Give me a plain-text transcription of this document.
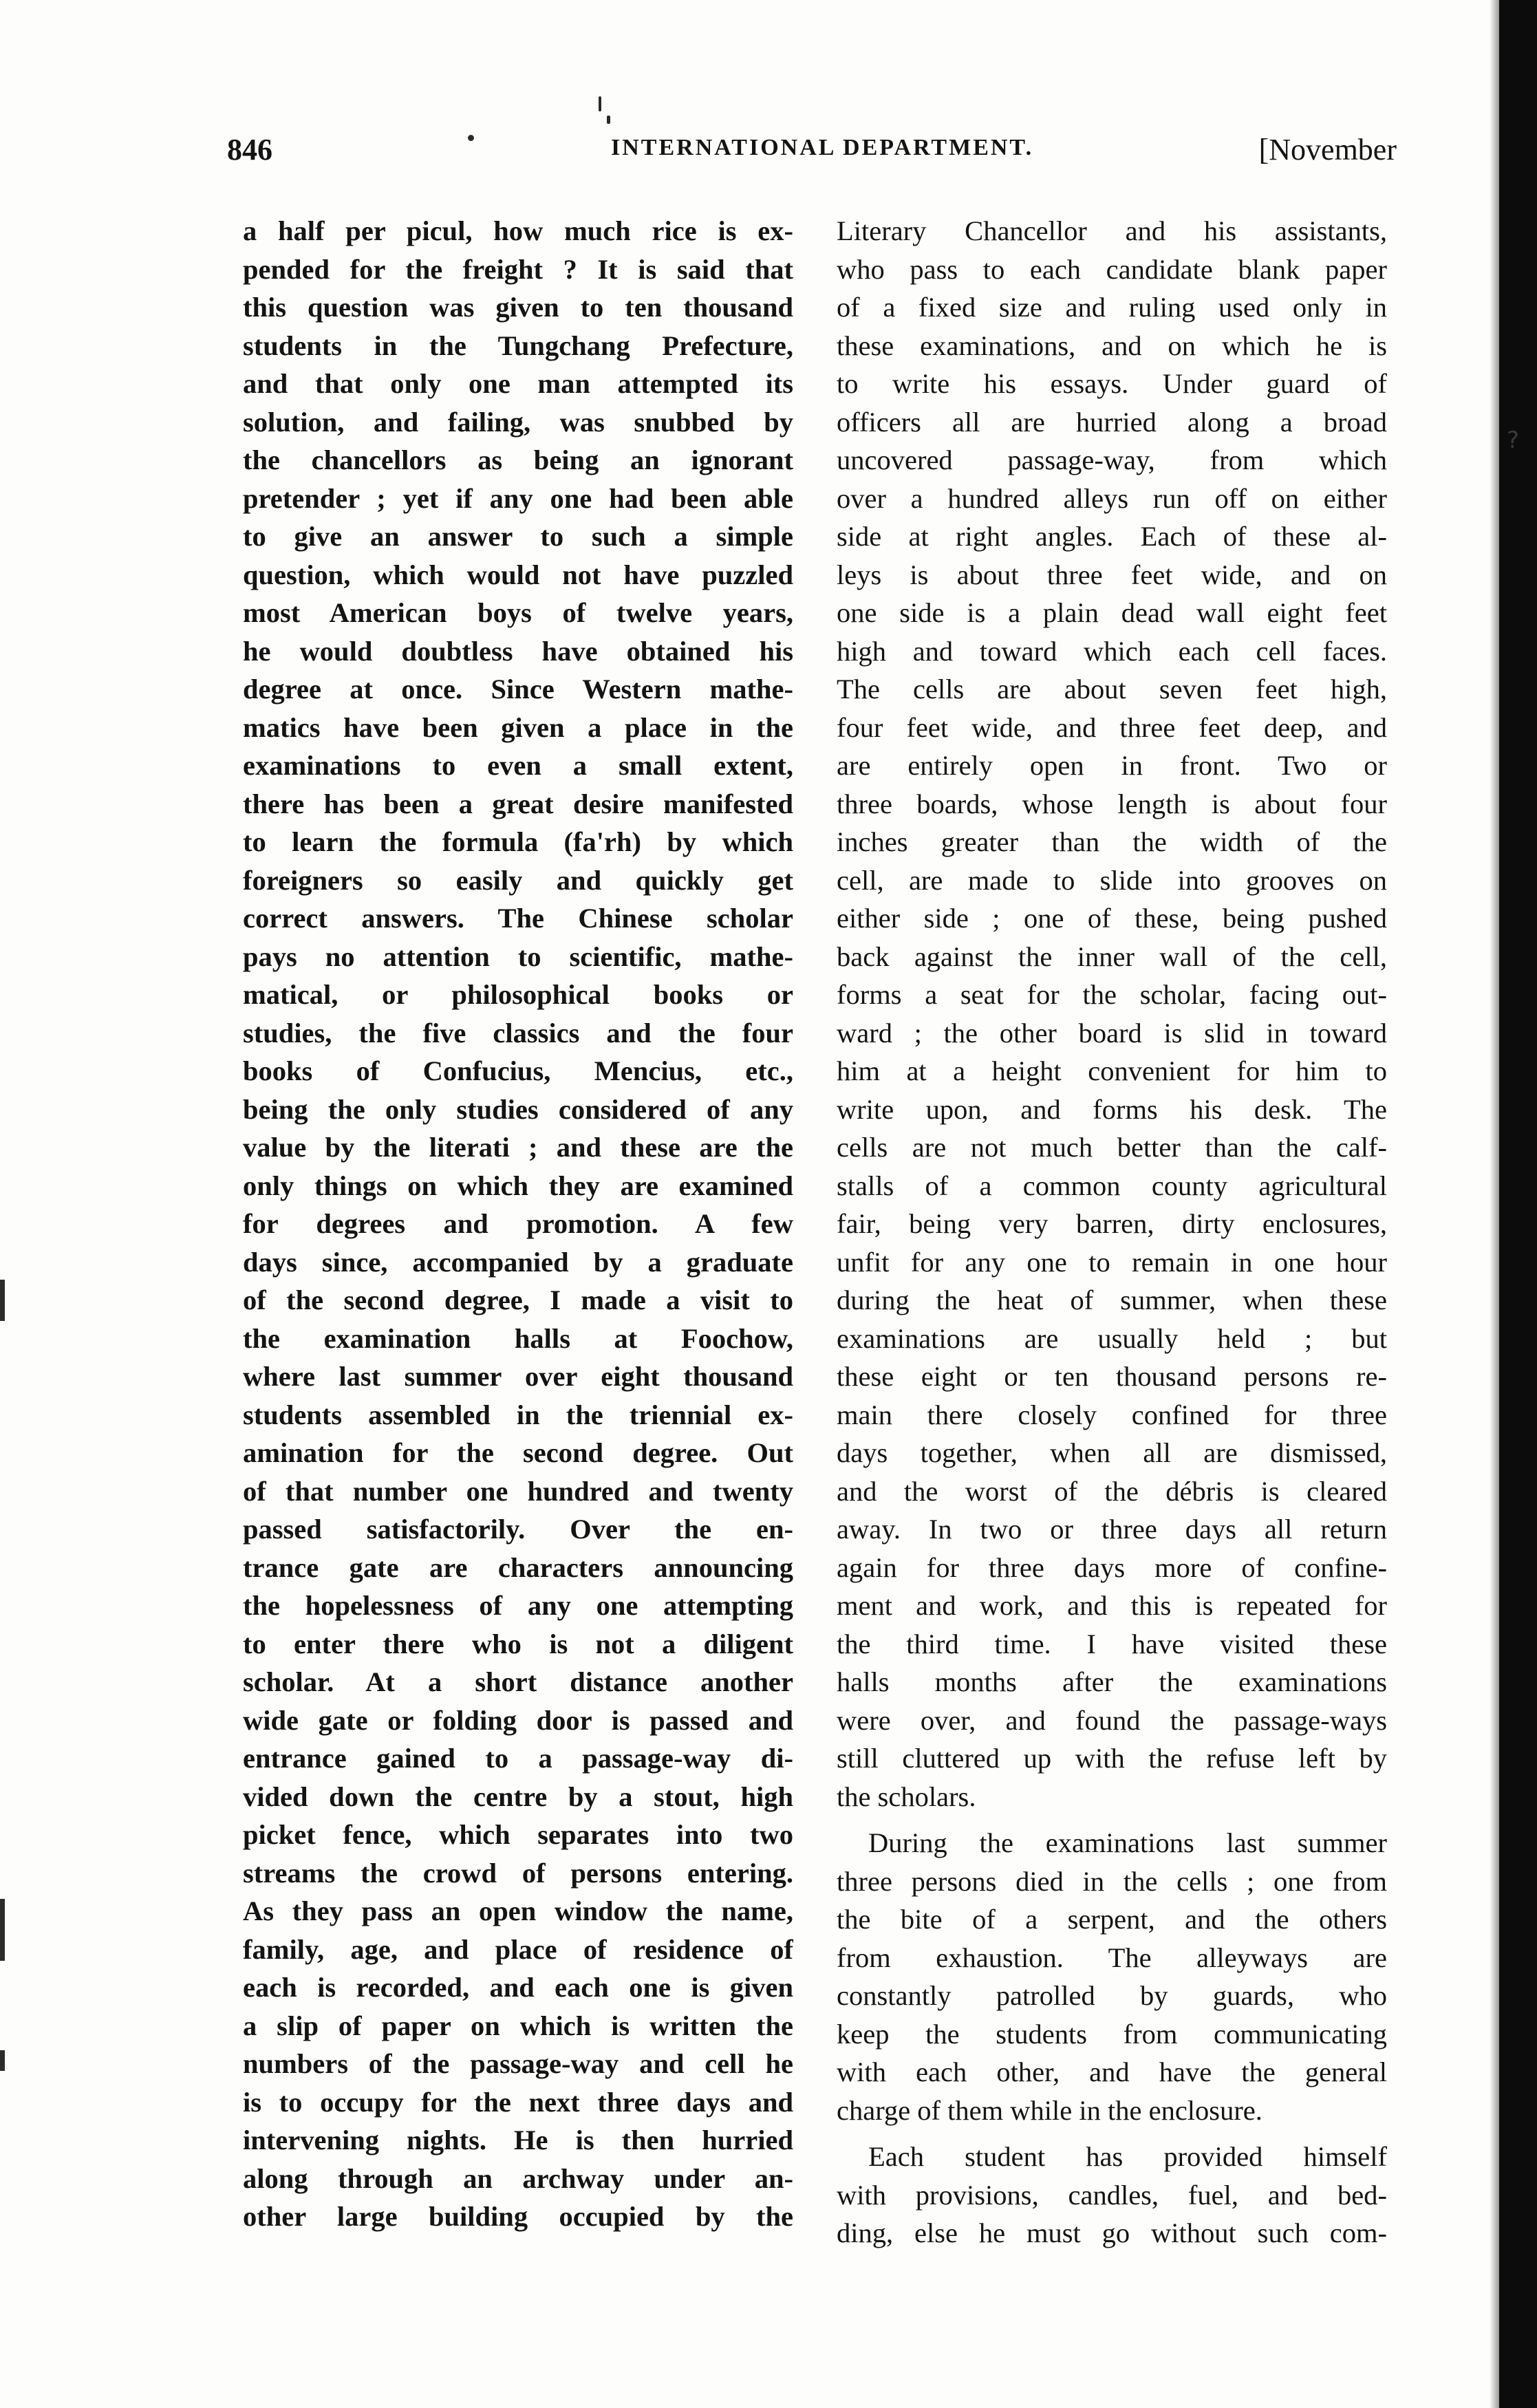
?
846	INTERNATIONAL DEPARTMENT.	[November
a half per picul, how much rice is ex-
pended for the freight ? It is said that
this question was given to ten thousand
students in the Tungchang Prefecture,
and that only one man attempted its
solution, and failing, was snubbed by
the chancellors as being an ignorant
pretender ; yet if any one had been able
to give an answer to such a simple
question, which would not have puzzled
most American boys of twelve years,
he would doubtless have obtained his
degree at once. Since Western mathe-
matics have been given a place in the
examinations to even a small extent,
there has been a great desire manifested
to learn the formula (fa'rh) by which
foreigners so easily and quickly get
correct answers. The Chinese scholar
pays no attention to scientific, mathe-
matical, or philosophical books or
studies, the five classics and the four
books of Confucius, Mencius, etc.,
being the only studies considered of any
value by the literati ; and these are the
only things on which they are examined
for degrees and promotion. A few
days since, accompanied by a graduate
of the second degree, I made a visit to
the examination halls at Foochow,
where last summer over eight thousand
students assembled in the triennial ex-
amination for the second degree. Out
of that number one hundred and twenty
passed satisfactorily. Over the en-
trance gate are characters announcing
the hopelessness of any one attempting
to enter there who is not a diligent
scholar. At a short distance another
wide gate or folding door is passed and
entrance gained to a passage-way di-
vided down the centre by a stout, high
picket fence, which separates into two
streams the crowd of persons entering.
As they pass an open window the name,
family, age, and place of residence of
each is recorded, and each one is given
a slip of paper on which is written the
numbers of the passage-way and cell he
is to occupy for the next three days and
intervening nights. He is then hurried
along through an archway under an-
other large building occupied by the
Literary Chancellor and his assistants,
who pass to each candidate blank paper
of a fixed size and ruling used only in
these examinations, and on which he is
to write his essays. Under guard of
officers all are hurried along a broad
uncovered passage-way, from which
over a hundred alleys run off on either
side at right angles. Each of these al-
leys is about three feet wide, and on
one side is a plain dead wall eight feet
high and toward which each cell faces.
The cells are about seven feet high,
four feet wide, and three feet deep, and
are entirely open in front. Two or
three boards, whose length is about four
inches greater than the width of the
cell, are made to slide into grooves on
either side ; one of these, being pushed
back against the inner wall of the cell,
forms a seat for the scholar, facing out-
ward ; the other board is slid in toward
him at a height convenient for him to
write upon, and forms his desk. The
cells are not much better than the calf-
stalls of a common county agricultural
fair, being very barren, dirty enclosures,
unfit for any one to remain in one hour
during the heat of summer, when these
examinations are usually held ; but
these eight or ten thousand persons re-
main there closely confined for three
days together, when all are dismissed,
and the worst of the débris is cleared
away. In two or three days all return
again for three days more of confine-
ment and work, and this is repeated for
the third time. I have visited these
halls months after the examinations
were over, and found the passage-ways
still cluttered up with the refuse left by
the scholars.
During the examinations last summer
three persons died in the cells ; one from
the bite of a serpent, and the others
from exhaustion. The alleyways are
constantly patrolled by guards, who
keep the students from communicating
with each other, and have the general
charge of them while in the enclosure.
Each student has provided himself
with provisions, candles, fuel, and bed-
ding, else he must go without such com-
